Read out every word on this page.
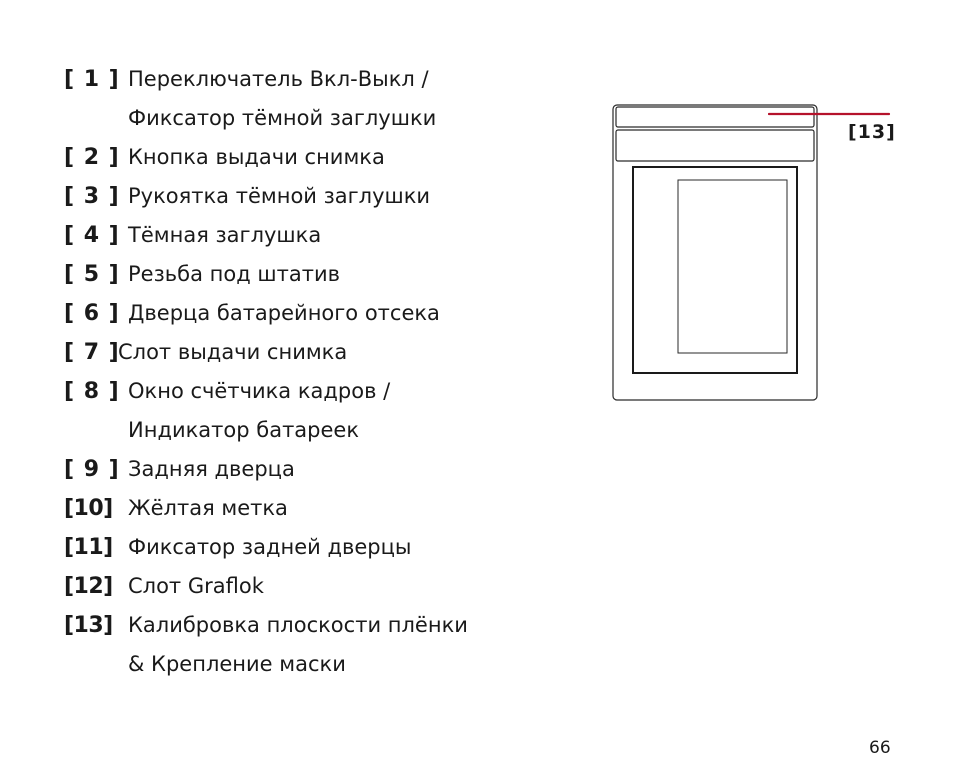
[ 1 ] Переключатель Вкл-Выкл /
Фиксатор тёмной заглушки
[ 2 ] Кнопка выдачи снимка
[ 3 ] Рукоятка тёмной заглушки
[ 4 ] Тёмная заглушка
[ 5 ] Резьба под штатив
[ 6 ] Дверца батарейного отсека
[ 7 ]
Слот выдачи снимка
[ 8 ] Окно счётчика кадров /
Индикатор батареек
[ 9 ] Задняя дверца
[10] Жёлтая метка
[11] Фиксатор задней дверцы
[12] Слот Graflok
[13] Калибровка плоскости плёнки
& Крепление маски
[13]
66
